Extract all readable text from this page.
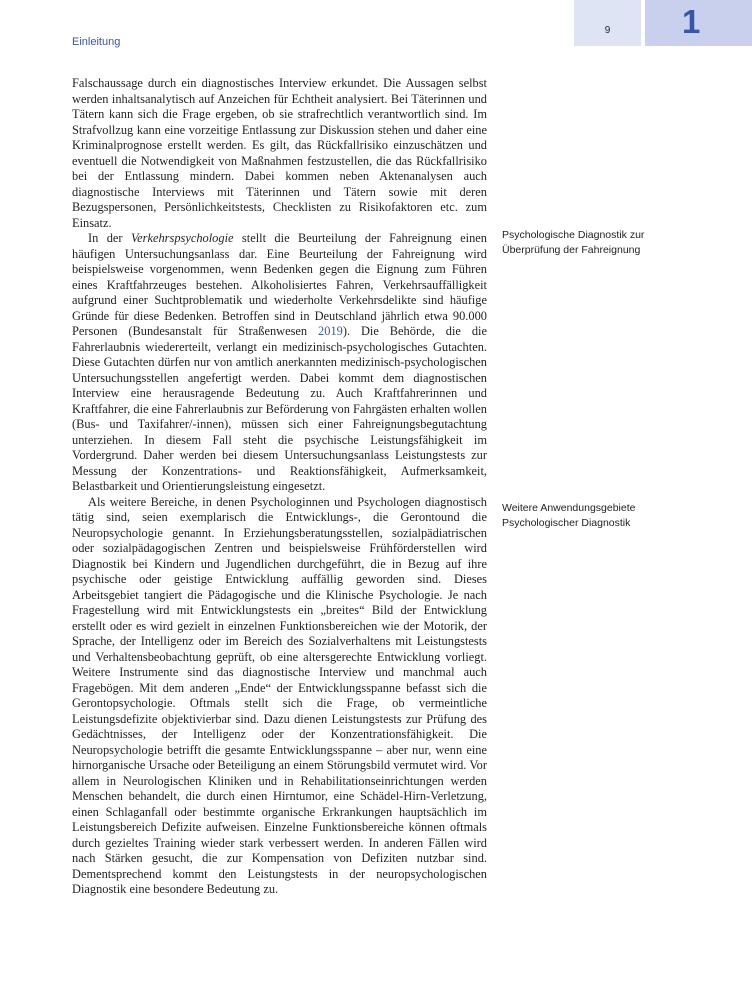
Einleitung
9	1

Falschaussage durch ein diagnostisches Interview erkundet. Die Aussagen selbst werden inhaltsanalytisch auf Anzeichen für Echtheit analysiert. Bei Täterinnen und Tätern kann sich die Frage ergeben, ob sie strafrechtlich verantwortlich sind. Im Strafvollzug kann eine vorzeitige Entlassung zur Diskussion stehen und daher eine Kriminalprognose erstellt werden. Es gilt, das Rückfallrisiko einzuschätzen und eventuell die Notwendigkeit von Maßnahmen festzustellen, die das Rückfallrisiko bei der Entlassung mindern. Dabei kommen neben Aktenanalysen auch diagnostische Interviews mit Täterinnen und Tätern sowie mit deren Bezugspersonen, Persönlichkeitstests, Checklisten zu Risikofaktoren etc. zum Einsatz.

In der Verkehrspsychologie stellt die Beurteilung der Fahreignung einen häufigen Untersuchungsanlass dar. Eine Beurteilung der Fahreignung wird beispielsweise vorgenommen, wenn Bedenken gegen die Eignung zum Führen eines Kraftfahrzeuges bestehen. Alkoholisiertes Fahren, Verkehrsauffälligkeit aufgrund einer Suchtproblematik und wiederholte Verkehrsdelikte sind häufige Gründe für diese Bedenken. Betroffen sind in Deutschland jährlich etwa 90.000 Personen (Bundesanstalt für Straßenwesen 2019). Die Behörde, die die Fahrerlaubnis wiedererteilt, verlangt ein medizinisch-psychologisches Gutachten. Diese Gutachten dürfen nur von amtlich anerkannten medizinisch-psychologischen Untersuchungsstellen angefertigt werden. Dabei kommt dem diagnostischen Interview eine herausragende Bedeutung zu. Auch Kraftfahrerinnen und Kraftfahrer, die eine Fahrerlaubnis zur Beförderung von Fahrgästen erhalten wollen (Bus- und Taxifahrer/-innen), müssen sich einer Fahreignungsbegutachtung unterziehen. In diesem Fall steht die psychische Leistungsfähigkeit im Vordergrund. Daher werden bei diesem Untersuchungsanlass Leistungstests zur Messung der Konzentrations- und Reaktionsfähigkeit, Aufmerksamkeit, Belastbarkeit und Orientierungsleistung eingesetzt.

Als weitere Bereiche, in denen Psychologinnen und Psychologen diagnostisch tätig sind, seien exemplarisch die Entwicklungs-, die Gerontound die Neuropsychologie genannt. In Erziehungsberatungsstellen, sozialpädiatrischen oder sozialpädagogischen Zentren und beispielsweise Frühförderstellen wird Diagnostik bei Kindern und Jugendlichen durchgeführt, die in Bezug auf ihre psychische oder geistige Entwicklung auffällig geworden sind. Dieses Arbeitsgebiet tangiert die Pädagogische und die Klinische Psychologie. Je nach Fragestellung wird mit Entwicklungstests ein „breites“ Bild der Entwicklung erstellt oder es wird gezielt in einzelnen Funktionsbereichen wie der Motorik, der Sprache, der Intelligenz oder im Bereich des Sozialverhaltens mit Leistungstests und Verhaltensbeobachtung geprüft, ob eine altersgerechte Entwicklung vorliegt. Weitere Instrumente sind das diagnostische Interview und manchmal auch Fragebögen. Mit dem anderen „Ende“ der Entwicklungsspanne befasst sich die Gerontopsychologie. Oftmals stellt sich die Frage, ob vermeintliche Leistungsdefizite objektivierbar sind. Dazu dienen Leistungstests zur Prüfung des Gedächtnisses, der Intelligenz oder der Konzentrationsfähigkeit. Die Neuropsychologie betrifft die gesamte Entwicklungsspanne – aber nur, wenn eine hirnorganische Ursache oder Beteiligung an einem Störungsbild vermutet wird. Vor allem in Neurologischen Kliniken und in Rehabilitationseinrichtungen werden Menschen behandelt, die durch einen Hirntumor, eine Schädel-Hirn-Verletzung, einen Schlaganfall oder bestimmte organische Erkrankungen hauptsächlich im Leistungsbereich Defizite aufweisen. Einzelne Funktionsbereiche können oftmals durch gezieltes Training wieder stark verbessert werden. In anderen Fällen wird nach Stärken gesucht, die zur Kompensation von Defiziten nutzbar sind. Dementsprechend kommt den Leistungstests in der neuropsychologischen Diagnostik eine besondere Bedeutung zu.

Psychologische Diagnostik zur Überprüfung der Fahreignung
Weitere Anwendungsgebiete Psychologischer Diagnostik
